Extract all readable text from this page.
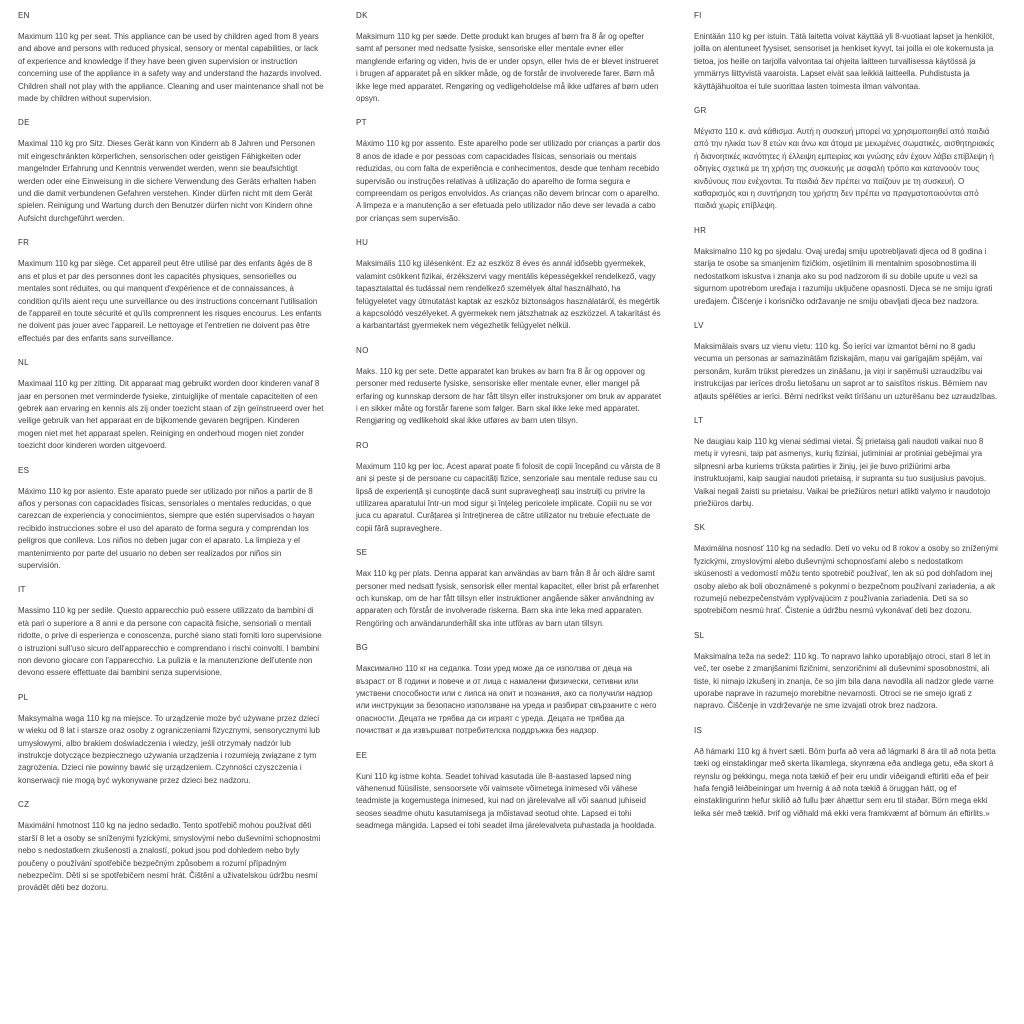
EN

Maximum 110 kg per seat. This appliance can be used by children aged from 8 years and above and persons with reduced physical, sensory or mental capabilities, or lack of experience and knowledge if they have been given supervision or instruction concerning use of the appliance in a safety way and understand the hazards involved. Children shall not play with the appliance. Cleaning and user maintenance shall not be made by children without supervision.

DE

Maximal 110 kg pro Sitz. Dieses Gerät kann von Kindern ab 8 Jahren und Personen mit eingeschränkten körperlichen, sensorischen oder geistigen Fähigkeiten oder mangelnder Erfahrung und Kenntnis verwendet werden, wenn sie beaufsichtigt werden oder eine Einweisung in die sichere Verwendung des Geräts erhalten haben und die damit verbundenen Gefahren verstehen. Kinder dürfen nicht mit dem Gerät spielen. Reinigung und Wartung durch den Benutzer dürfen nicht von Kindern ohne Aufsicht durchgeführt werden.

FR

Maximum 110 kg par siège. Cet appareil peut être utilisé par des enfants âgés de 8 ans et plus et par des personnes dont les capacités physiques, sensorielles ou mentales sont réduites, ou qui manquent d'expérience et de connaissances, à condition qu'ils aient reçu une surveillance ou des instructions concernant l'utilisation de l'appareil en toute sécurité et qu'ils comprennent les risques encourus. Les enfants ne doivent pas jouer avec l'appareil. Le nettoyage et l'entretien ne doivent pas être effectués par des enfants sans surveillance.

NL

Maximaal 110 kg per zitting. Dit apparaat mag gebruikt worden door kinderen vanaf 8 jaar en personen met verminderde fysieke, zintuiglijke of mentale capaciteiten of een gebrek aan ervaring en kennis als zij onder toezicht staan of zijn geïnstrueerd over het veilige gebruik van het apparaat en de bijkomende gevaren begrijpen. Kinderen mogen niet met het apparaat spelen. Reiniging en onderhoud mogen niet zonder toezicht door kinderen worden uitgevoerd.

ES

Máximo 110 kg por asiento. Este aparato puede ser utilizado por niños a partir de 8 años y personas con capacidades físicas, sensoriales o mentales reducidas, o que carezcan de experiencia y conocimientos, siempre que estén supervisados o hayan recibido instrucciones sobre el uso del aparato de forma segura y comprendan los peligros que conlleva. Los niños no deben jugar con el aparato. La limpieza y el mantenimiento por parte del usuario no deben ser realizados por niños sin supervisión.

IT

Massimo 110 kg per sedile. Questo apparecchio può essere utilizzato da bambini di età pari o superiore a 8 anni e da persone con capacità fisiche, sensoriali o mentali ridotte, o prive di esperienza e conoscenza, purché siano stati forniti loro supervisione o istruzioni sull'uso sicuro dell'apparecchio e comprendano i rischi coinvolti. I bambini non devono giocare con l'apparecchio. La pulizia e la manutenzione dell'utente non devono essere effettuate dai bambini senza supervisione.

PL

Maksymalna waga 110 kg na miejsce. To urządzenie może być używane przez dzieci w wieku od 8 lat i starsze oraz osoby z ograniczeniami fizycznymi, sensorycznymi lub umysłowymi, albo brakiem doświadczenia i wiedzy, jeśli otrzymały nadzór lub instrukcje dotyczące bezpiecznego używania urządzenia i rozumieją związane z tym zagrożenia. Dzieci nie powinny bawić się urządzeniem. Czynności czyszczenia i konserwacji nie mogą być wykonywane przez dzieci bez nadzoru.

CZ

Maximální hmotnost 110 kg na jedno sedadlo. Tento spotřebič mohou používat děti starší 8 let a osoby se sníženými fyzickými, smyslovými nebo duševními schopnostmi nebo s nedostatkem zkušeností a znalostí, pokud jsou pod dohledem nebo byly poučeny o používání spotřebiče bezpečným způsobem a rozumí případným nebezpečím. Děti si se spotřebičem nesmí hrát. Čištění a uživatelskou údržbu nesmí provádět děti bez dozoru.

DK

Maksimum 110 kg per sæde. Dette produkt kan bruges af børn fra 8 år og opefter samt af personer med nedsatte fysiske, sensoriske eller mentale evner eller manglende erfaring og viden, hvis de er under opsyn, eller hvis de er blevet instrueret i brugen af apparatet på en sikker måde, og de forstår de involverede farer. Børn må ikke lege med apparatet. Rengøring og vedligeholdelse må ikke udføres af børn uden opsyn.

PT

Máximo 110 kg por assento. Este aparelho pode ser utilizado por crianças a partir dos 8 anos de idade e por pessoas com capacidades físicas, sensoriais ou mentais reduzidas, ou com falta de experiência e conhecimentos, desde que tenham recebido supervisão ou instruções relativas à utilização do aparelho de forma segura e compreendam os perigos envolvidos. As crianças não devem brincar com o aparelho. A limpeza e a manutenção a ser efetuada pelo utilizador não deve ser levada a cabo por crianças sem supervisão.

HU

Maksimális 110 kg ülésenként. Ez az eszköz 8 éves és annál idősebb gyermekek, valamint csökkent fizikai, érzékszervi vagy mentális képességekkel rendelkező, vagy tapasztalattal és tudással nem rendelkező személyek által használható, ha felügyeletet vagy útmutatást kaptak az eszköz biztonságos használatáról, és megértik a kapcsolódó veszélyeket. A gyermekek nem játszhatnak az eszközzel. A takarítást és a karbantartást gyermekek nem végezhetik felügyelet nélkül.

NO

Maks. 110 kg per sete. Dette apparatet kan brukes av barn fra 8 år og oppover og personer med reduserte fysiske, sensoriske eller mentale evner, eller mangel på erfaring og kunnskap dersom de har fått tilsyn eller instruksjoner om bruk av apparatet i en sikker måte og forstår farene som følger. Barn skal ikke leke med apparatet. Rengjøring og vedlikehold skal ikke utføres av barn uten tilsyn.

RO

Maximum 110 kg per loc. Acest aparat poate fi folosit de copii începând cu vârsta de 8 ani și peste și de persoane cu capacități fizice, senzoriale sau mentale reduse sau cu lipsă de experiență și cunoștințe dacă sunt supravegheați sau instruiți cu privire la utilizarea aparatului într-un mod sigur și înțeleg pericolele implicate. Copiii nu se vor juca cu aparatul. Curățarea și întreținerea de către utilizator nu trebuie efectuate de copii fără supraveghere.

SE

Max 110 kg per plats. Denna apparat kan användas av barn från 8 år och äldre samt personer med nedsatt fysisk, sensorisk eller mental kapacitet, eller brist på erfarenhet och kunskap, om de har fått tillsyn eller instruktioner angående säker användning av apparaten och förstår de involverade riskerna. Barn ska inte leka med apparaten. Rengöring och användarunderhåll ska inte utföras av barn utan tillsyn.

BG

Максимално 110 кг на седалка. Този уред може да се използва от деца на възраст от 8 години и повече и от лица с намалени физически, сетивни или умствени способности или с липса на опит и познания, ако са получили надзор или инструкции за безопасно използване на уреда и разбират свързаните с него опасности. Децата не трябва да си играят с уреда. Децата не трябва да почистват и да извършват потребителска поддръжка без надзор.

EE

Kuni 110 kg istme kohta. Seadet tohivad kasutada üle 8-aastased lapsed ning vähenenud füüsiliste, sensoorsete või vaimsete võimetega inimesed või vähese teadmiste ja kogemustega inimesed, kui nad on järelevalve all või saanud juhiseid seoses seadme ohutu kasutamisega ja mõistavad seotud ohte. Lapsed ei tohi seadmega mängida. Lapsed ei tohi seadet ilma järelevalveta puhastada ja hooldada.

FI

Enintään 110 kg per istuin. Tätä laitetta voivat käyttää yli 8-vuotiaat lapset ja henkilöt, joilla on alentuneet fyysiset, sensoriset ja henkiset kyvyt, tai joilla ei ole kokemusta ja tietoa, jos heille on tarjolla valvontaa tai ohjeita laitteen turvallisessa käytössä ja ymmärrys liittyvistä vaaroista. Lapset eivät saa leikkiä laitteella. Puhdistusta ja käyttäjähuoltoa ei tule suorittaa lasten toimesta ilman valvontaa.

GR

Μέγιστο 110 κ. ανά κάθισμα. Αυτή η συσκευή μπορεί να χρησιμοποιηθεί από παιδιά από την ηλικία των 8 ετών και άνω και άτομα με μειωμένες σωματικές, αισθητηριακές ή διανοητικές ικανότητες ή έλλειψη εμπειρίας και γνώσης εάν έχουν λάβει επίβλεψη ή οδηγίες σχετικά με τη χρήση της συσκευής με ασφαλή τρόπο και κατανοούν τους κινδύνους που ενέχονται. Τα παιδιά δεν πρέπει να παίζουν με τη συσκευή. Ο καθαρισμός και η συντήρηση του χρήστη δεν πρέπει να πραγματοποιούνται από παιδιά χωρίς επίβλεψη.

HR

Maksimalno 110 kg po sjedalu. Ovaj uređaj smiju upotrebljavati djeca od 8 godina i starija te osobe sa smanjenim fizičkim, osjetilnim ili mentalnim sposobnostima ili nedostatkom iskustva i znanja ako su pod nadzorom ili su dobile upute u vezi sa sigurnom upotrebom uređaja i razumiju uključene opasnosti. Djeca se ne smiju igrati uređajem. Čišćenje i korisničko održavanje ne smiju obavljati djeca bez nadzora.

LV

Maksimālais svars uz vienu vietu: 110 kg. Šo ierīci var izmantot bērni no 8 gadu vecuma un personas ar samazinātām fiziskajām, maņu vai garīgajām spējām, vai personām, kurām trūkst pieredzes un zināšanu, ja viņi ir saņēmuši uzraudzību vai instrukcijas par ierīces drošu lietošanu un saprot ar to saistītos riskus. Bērniem nav atļauts spēlēties ar ierīci. Bērni nedrīkst veikt tīrīšanu un uzturēšanu bez uzraudzības.

LT

Ne daugiau kaip 110 kg vienai sėdimai vietai. Šį prietaisą gali naudoti vaikai nuo 8 metų ir vyresni, taip pat asmenys, kurių fiziniai, jutiminiai ar protiniai gebėjimai yra silpnesni arba kuriems trūksta patirties ir žinių, jei jie buvo prižiūrimi arba instruktuojami, kaip saugiai naudoti prietaisą, ir supranta su tuo susijusius pavojus. Vaikai negali žaisti su prietaisu. Vaikai be priežiūros neturi atlikti valymo ir naudotojo priežiūros darbų.

SK

Maximálna nosnosť 110 kg na sedadlo. Deti vo veku od 8 rokov a osoby so zníženými fyzickými, zmyslovými alebo duševnými schopnosťami alebo s nedostatkom skúseností a vedomostí môžu tento spotrebič používať, len ak sú pod dohľadom inej osoby alebo ak boli oboznámené s pokynmi o bezpečnom používaní zariadenia, a ak rozumejú nebezpečenstvám vyplývajúcim z používania zariadenia. Deti sa so spotrebičom nesmú hrať. Čistenie a údržbu nesmú vykonávať deti bez dozoru.

SL

Maksimalna teža na sedež: 110 kg. To napravo lahko uporabljajo otroci, stari 8 let in več, ter osebe z zmanjšanimi fizičnimi, senzoričnimi ali duševnimi sposobnostmi, ali tiste, ki nimajo izkušenj in znanja, če so jim bila dana navodila ali nadzor glede varne uporabe naprave in razumejo morebitne nevarnosti. Otroci se ne smejo igrati z napravo. Čiščenje in vzdrževanje ne sme izvajati otrok brez nadzora.

IS

Að hámarki 110 kg á hvert sæti. Börn þurfa að vera að lágmarki 8 ára til að nota þetta tæki og einstaklingar með skerta líkamlega, skynræna eða andlega getu, eða skort á reynslu og þekkingu, mega nota tækið ef þeir eru undir viðeigandi eftirliti eða ef þeir hafa fengið leiðbeiningar um hvernig á að nota tækið á öruggan hátt, og ef einstaklingurinn hefur skilið að fullu þær áhættur sem eru til staðar. Börn mega ekki leika sér með tækið. Þrif og viðhald má ekki vera framkvæmt af börnum án eftirlits.»
